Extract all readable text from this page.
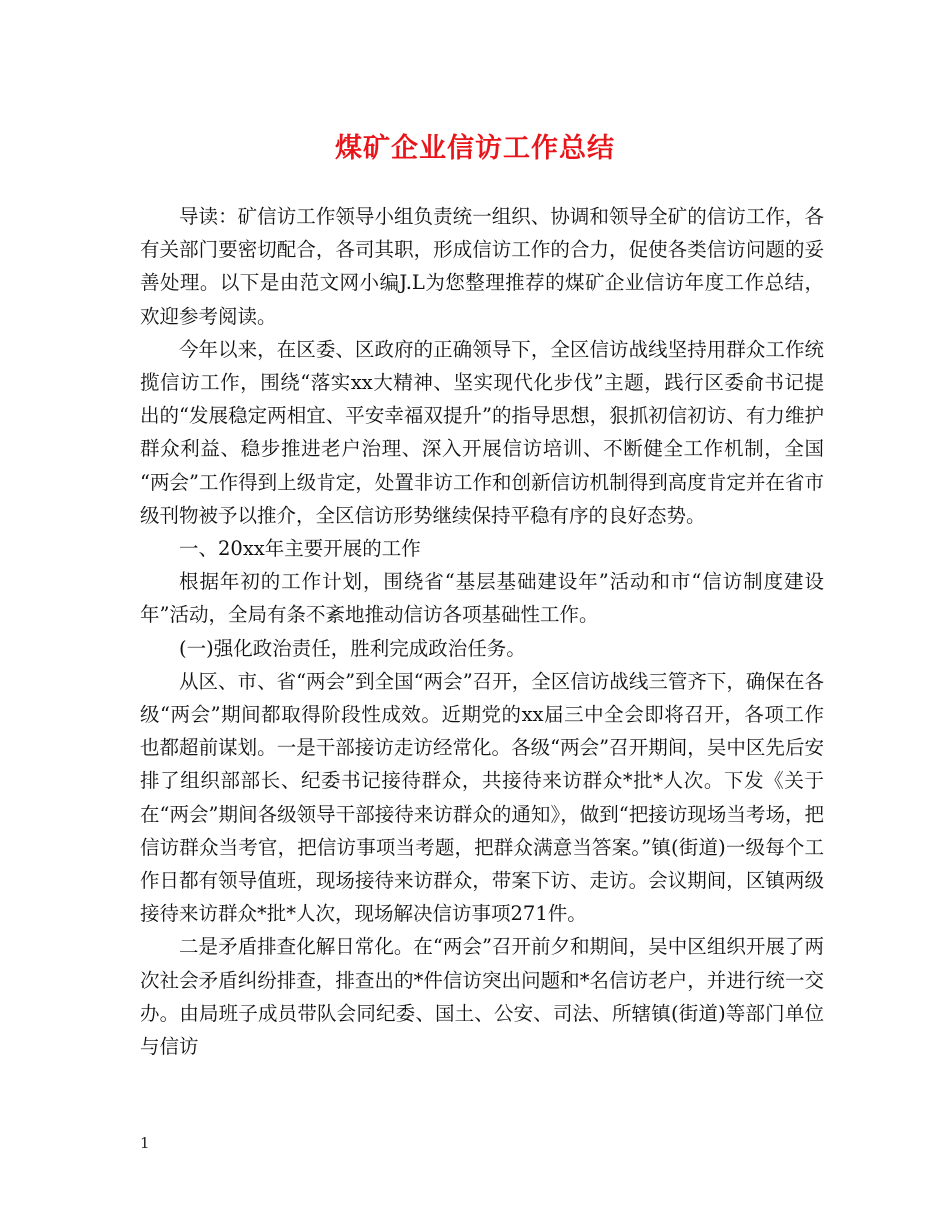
煤矿企业信访工作总结

导读：矿信访工作领导小组负责统一组织、协调和领导全矿的信访工作，各有关部门要密切配合，各司其职，形成信访工作的合力，促使各类信访问题的妥善处理。以下是由范文网小编J.L为您整理推荐的煤矿企业信访年度工作总结，欢迎参考阅读。

今年以来，在区委、区政府的正确领导下，全区信访战线坚持用群众工作统揽信访工作，围绕“落实xx大精神、坚实现代化步伐”主题，践行区委俞书记提出的“发展稳定两相宜、平安幸福双提升”的指导思想，狠抓初信初访、有力维护群众利益、稳步推进老户治理、深入开展信访培训、不断健全工作机制，全国 “两会”工作得到上级肯定，处置非访工作和创新信访机制得到高度肯定并在省市级刊物被予以推介，全区信访形势继续保持平稳有序的良好态势。

一、20xx年主要开展的工作

根据年初的工作计划，围绕省“基层基础建设年”活动和市“信访制度建设年”活动，全局有条不紊地推动信访各项基础性工作。

(一)强化政治责任，胜利完成政治任务。

从区、市、省“两会”到全国“两会”召开，全区信访战线三管齐下，确保在各级“两会”期间都取得阶段性成效。近期党的xx届三中全会即将召开，各项工作也都超前谋划。一是干部接访走访经常化。各级“两会”召开期间，吴中区先后安排了组织部部长、纪委书记接待群众，共接待来访群众*批*人次。下发《关于在“两会”期间各级领导干部接待来访群众的通知》，做到“把接访现场当考场，把信访群众当考官，把信访事项当考题，把群众满意当答案。”镇(街道)一级每个工作日都有领导值班，现场接待来访群众，带案下访、走访。会议期间，区镇两级接待来访群众*批*人次，现场解决信访事项271件。

二是矛盾排查化解日常化。在“两会”召开前夕和期间，吴中区组织开展了两次社会矛盾纠纷排查，排查出的*件信访突出问题和*名信访老户，并进行统一交办。由局班子成员带队会同纪委、国土、公安、司法、所辖镇(街道)等部门单位与信访

1
